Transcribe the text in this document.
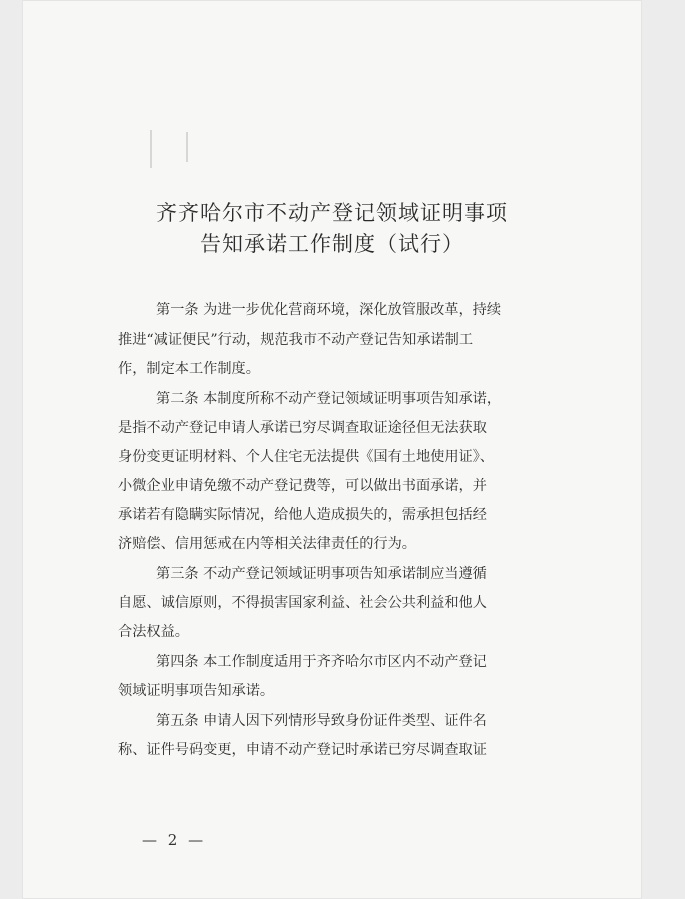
齐齐哈尔市不动产登记领域证明事项
告知承诺工作制度（试行）
第一条 为进一步优化营商环境，深化放管服改革，持续
推进“减证便民”行动，规范我市不动产登记告知承诺制工
作，制定本工作制度。
第二条 本制度所称不动产登记领域证明事项告知承诺，
是指不动产登记申请人承诺已穷尽调查取证途径但无法获取
身份变更证明材料、个人住宅无法提供《国有土地使用证》、
小微企业申请免缴不动产登记费等，可以做出书面承诺，并
承诺若有隐瞒实际情况，给他人造成损失的，需承担包括经
济赔偿、信用惩戒在内等相关法律责任的行为。
第三条 不动产登记领域证明事项告知承诺制应当遵循
自愿、诚信原则，不得损害国家利益、社会公共利益和他人
合法权益。
第四条 本工作制度适用于齐齐哈尔市区内不动产登记
领域证明事项告知承诺。
第五条 申请人因下列情形导致身份证件类型、证件名
称、证件号码变更，申请不动产登记时承诺已穷尽调查取证
— 2 —
